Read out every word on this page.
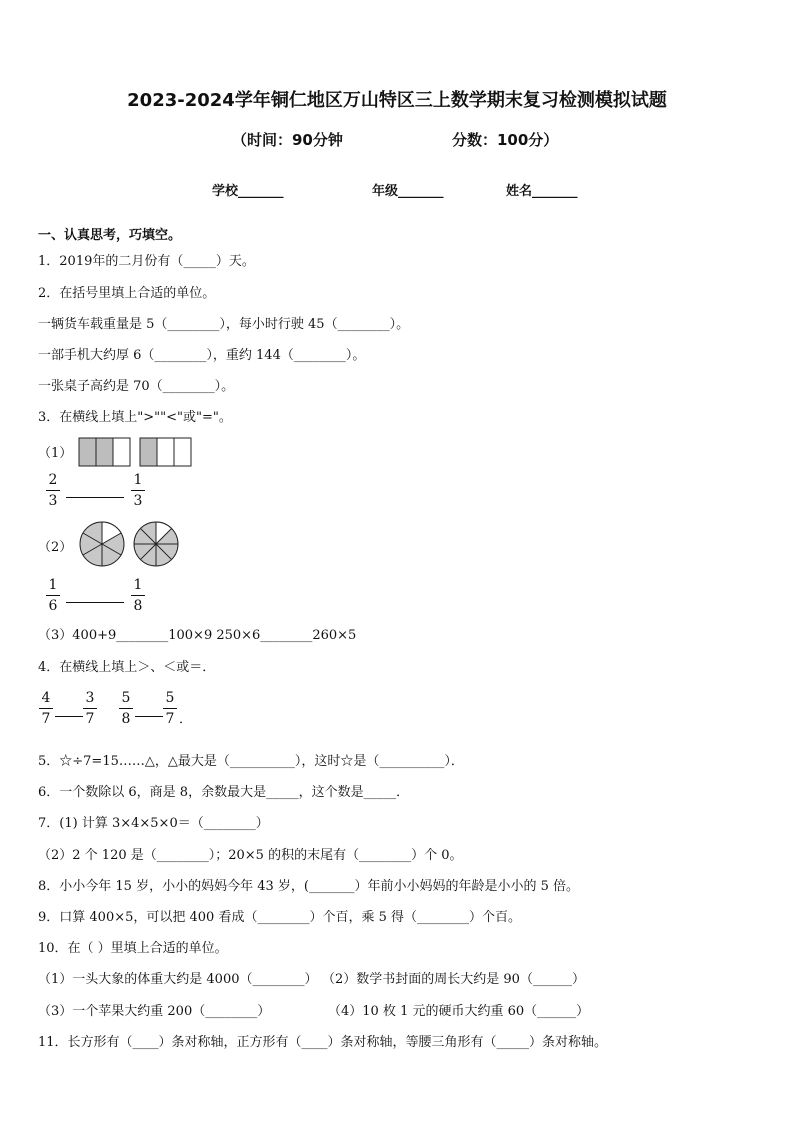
2023-2024学年铜仁地区万山特区三上数学期末复习检测模拟试题
（时间：90分钟	分数：100分）
学校_______	年级_______	姓名_______
一、认真思考，巧填空。
1．2019年的二月份有（_____）天。
2．在括号里填上合适的单位。
一辆货车载重量是 5（________），每小时行驶 45（________）。
一部手机大约厚 6（________），重约 144（________）。
一张桌子高约是 70（________）。
3．在横线上填上">""<"或"="。
（1）
2
3
1
3
（2）
1
6
1
8
（3）400+9________100×9 250×6________260×5
4．在横线上填上＞、＜或＝．
4
7
3
7
5
8
5
7 ．
5．☆÷7=15……△，△最大是（__________），这时☆是（__________）．
6．一个数除以 6，商是 8，余数最大是_____，这个数是_____．
7．(1) 计算 3×4×5×0＝（________）
（2）2 个 120 是（________）；20×5 的积的末尾有（________）个 0。
8．小小今年 15 岁，小小的妈妈今年 43 岁，(_______）年前小小妈妈的年龄是小小的 5 倍。
9．口算 400×5，可以把 400 看成（________）个百，乘 5 得（________）个百。
10．在（ ）里填上合适的单位。
（1）一头大象的体重大约是 4000（________） （2）数学书封面的周长大约是 90（______）
（3）一个苹果大约重 200（________）	（4）10 枚 1 元的硬币大约重 60（______）
11．长方形有（____）条对称轴，正方形有（____）条对称轴，等腰三角形有（_____）条对称轴。
